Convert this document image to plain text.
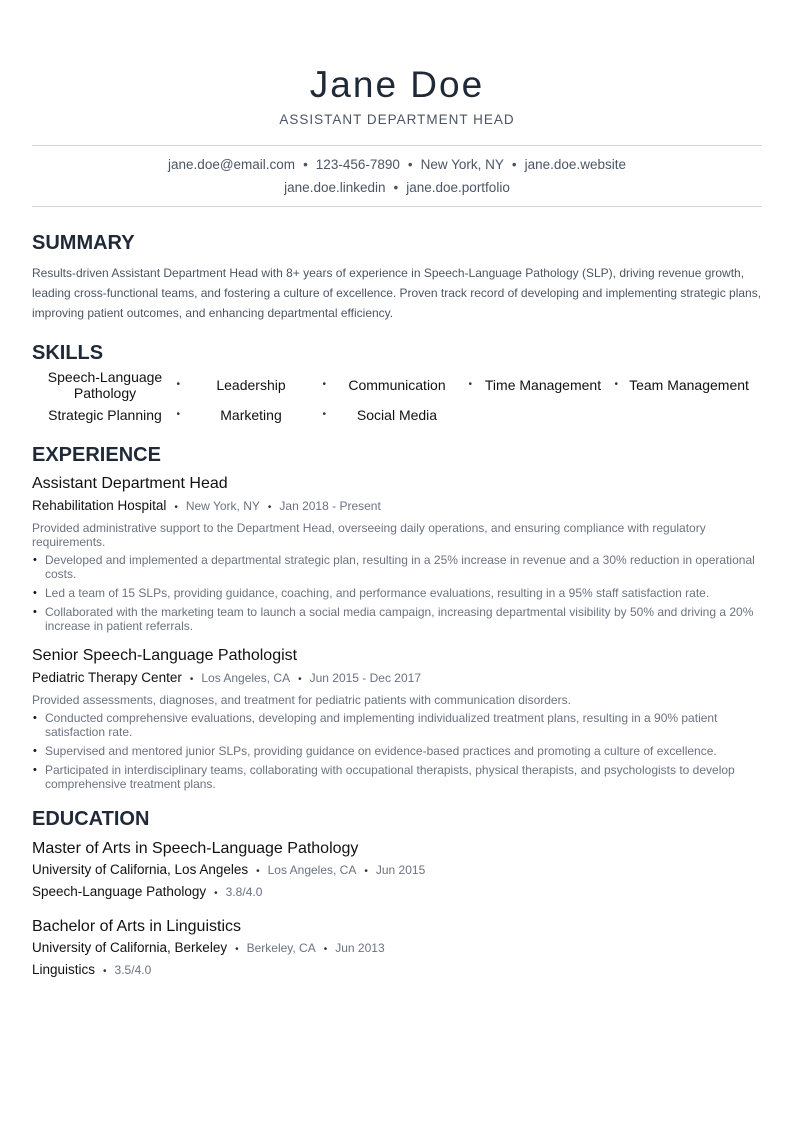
Jane Doe
ASSISTANT DEPARTMENT HEAD
jane.doe@email.com • 123-456-7890 • New York, NY • jane.doe.website
jane.doe.linkedin • jane.doe.portfolio
SUMMARY
Results-driven Assistant Department Head with 8+ years of experience in Speech-Language Pathology (SLP), driving revenue growth, leading cross-functional teams, and fostering a culture of excellence. Proven track record of developing and implementing strategic plans, improving patient outcomes, and enhancing departmental efficiency.
SKILLS
Speech-Language Pathology •	Leadership •	Communication •	Time Management •	Team Management
Strategic Planning •	Marketing •	Social Media
EXPERIENCE
Assistant Department Head
Rehabilitation Hospital • New York, NY • Jan 2018 - Present
Provided administrative support to the Department Head, overseeing daily operations, and ensuring compliance with regulatory requirements.
• Developed and implemented a departmental strategic plan, resulting in a 25% increase in revenue and a 30% reduction in operational costs.
• Led a team of 15 SLPs, providing guidance, coaching, and performance evaluations, resulting in a 95% staff satisfaction rate.
• Collaborated with the marketing team to launch a social media campaign, increasing departmental visibility by 50% and driving a 20% increase in patient referrals.
Senior Speech-Language Pathologist
Pediatric Therapy Center • Los Angeles, CA • Jun 2015 - Dec 2017
Provided assessments, diagnoses, and treatment for pediatric patients with communication disorders.
• Conducted comprehensive evaluations, developing and implementing individualized treatment plans, resulting in a 90% patient satisfaction rate.
• Supervised and mentored junior SLPs, providing guidance on evidence-based practices and promoting a culture of excellence.
• Participated in interdisciplinary teams, collaborating with occupational therapists, physical therapists, and psychologists to develop comprehensive treatment plans.
EDUCATION
Master of Arts in Speech-Language Pathology
University of California, Los Angeles • Los Angeles, CA • Jun 2015
Speech-Language Pathology • 3.8/4.0
Bachelor of Arts in Linguistics
University of California, Berkeley • Berkeley, CA • Jun 2013
Linguistics • 3.5/4.0
